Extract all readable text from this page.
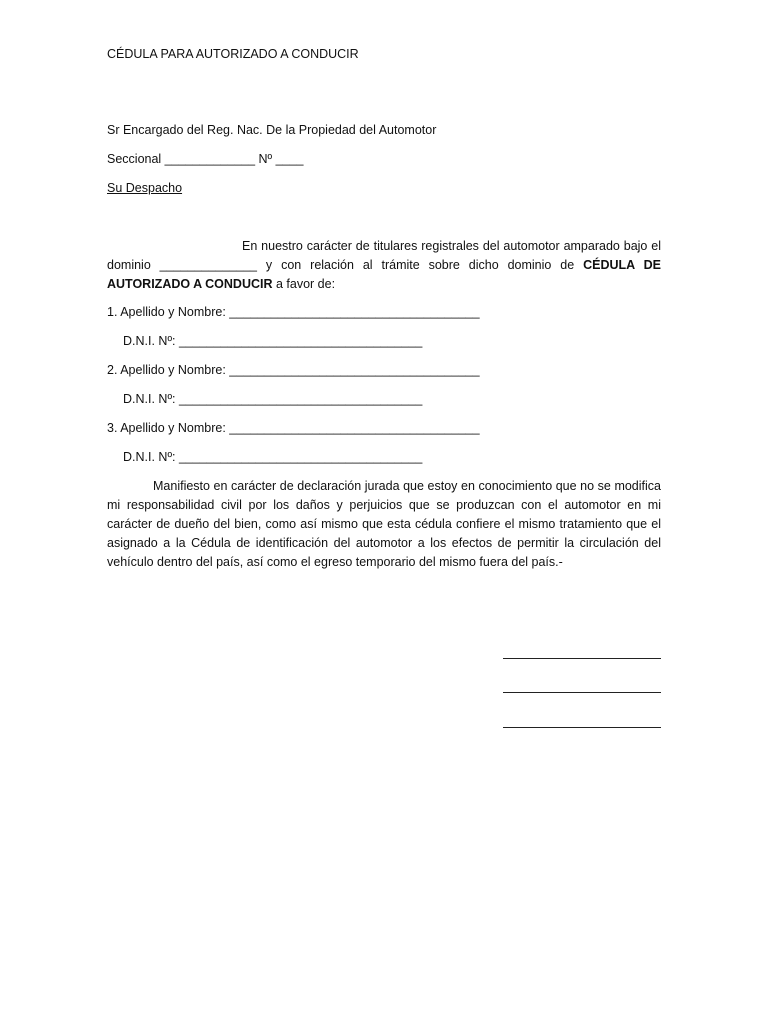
CÉDULA PARA AUTORIZADO A CONDUCIR
Sr Encargado del Reg. Nac. De la Propiedad del Automotor
Seccional _____________ Nº ____
Su Despacho
En nuestro carácter de titulares registrales del automotor amparado bajo el dominio ______________ y con relación al trámite sobre dicho dominio de CÉDULA DE AUTORIZADO A CONDUCIR a favor de:
1. Apellido y Nombre: ____________________________________
D.N.I. Nº: ___________________________________
2. Apellido y Nombre: ____________________________________
D.N.I. Nº: ___________________________________
3. Apellido y Nombre: ____________________________________
D.N.I. Nº: ___________________________________
Manifiesto en carácter de declaración jurada que estoy en conocimiento que no se modifica mi responsabilidad civil por los daños y perjuicios que se produzcan con el automotor en mi carácter de dueño del bien, como así mismo que esta cédula confiere el mismo tratamiento que el asignado a la Cédula de identificación del automotor a los efectos de permitir la circulación del vehículo dentro del país, así como el egreso temporario del mismo fuera del país.-
